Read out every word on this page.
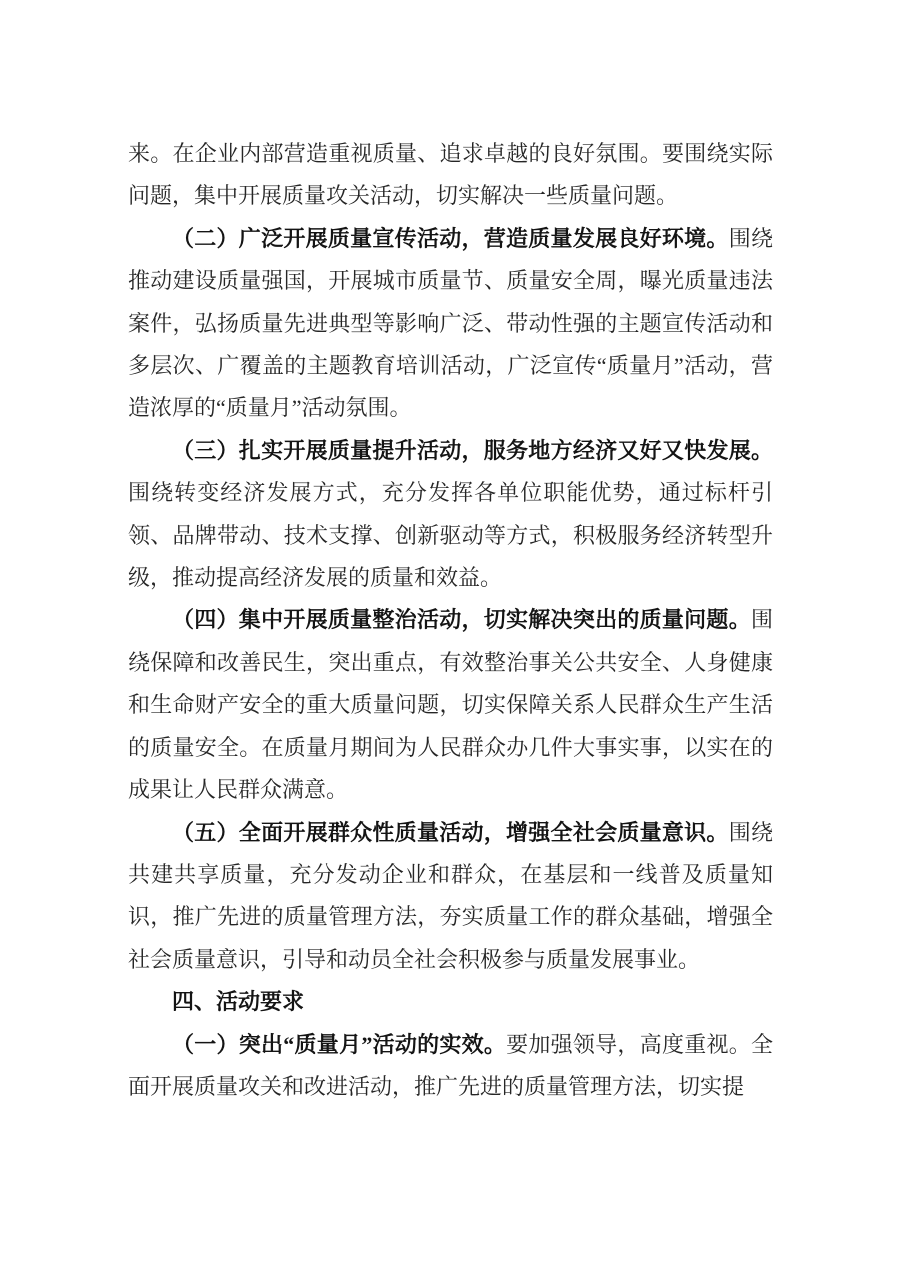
来。在企业内部营造重视质量、追求卓越的良好氛围。要围绕实际问题，集中开展质量攻关活动，切实解决一些质量问题。

（二）广泛开展质量宣传活动，营造质量发展良好环境。围绕推动建设质量强国，开展城市质量节、质量安全周，曝光质量违法案件，弘扬质量先进典型等影响广泛、带动性强的主题宣传活动和多层次、广覆盖的主题教育培训活动，广泛宣传“质量月”活动，营造浓厚的“质量月”活动氛围。

（三）扎实开展质量提升活动，服务地方经济又好又快发展。围绕转变经济发展方式，充分发挥各单位职能优势，通过标杆引领、品牌带动、技术支撑、创新驱动等方式，积极服务经济转型升级，推动提高经济发展的质量和效益。

（四）集中开展质量整治活动，切实解决突出的质量问题。围绕保障和改善民生，突出重点，有效整治事关公共安全、人身健康和生命财产安全的重大质量问题，切实保障关系人民群众生产生活的质量安全。在质量月期间为人民群众办几件大事实事，以实在的成果让人民群众满意。

（五）全面开展群众性质量活动，增强全社会质量意识。围绕共建共享质量，充分发动企业和群众，在基层和一线普及质量知识，推广先进的质量管理方法，夯实质量工作的群众基础，增强全社会质量意识，引导和动员全社会积极参与质量发展事业。

四、活动要求

（一）突出“质量月”活动的实效。要加强领导，高度重视。全面开展质量攻关和改进活动，推广先进的质量管理方法，切实提
